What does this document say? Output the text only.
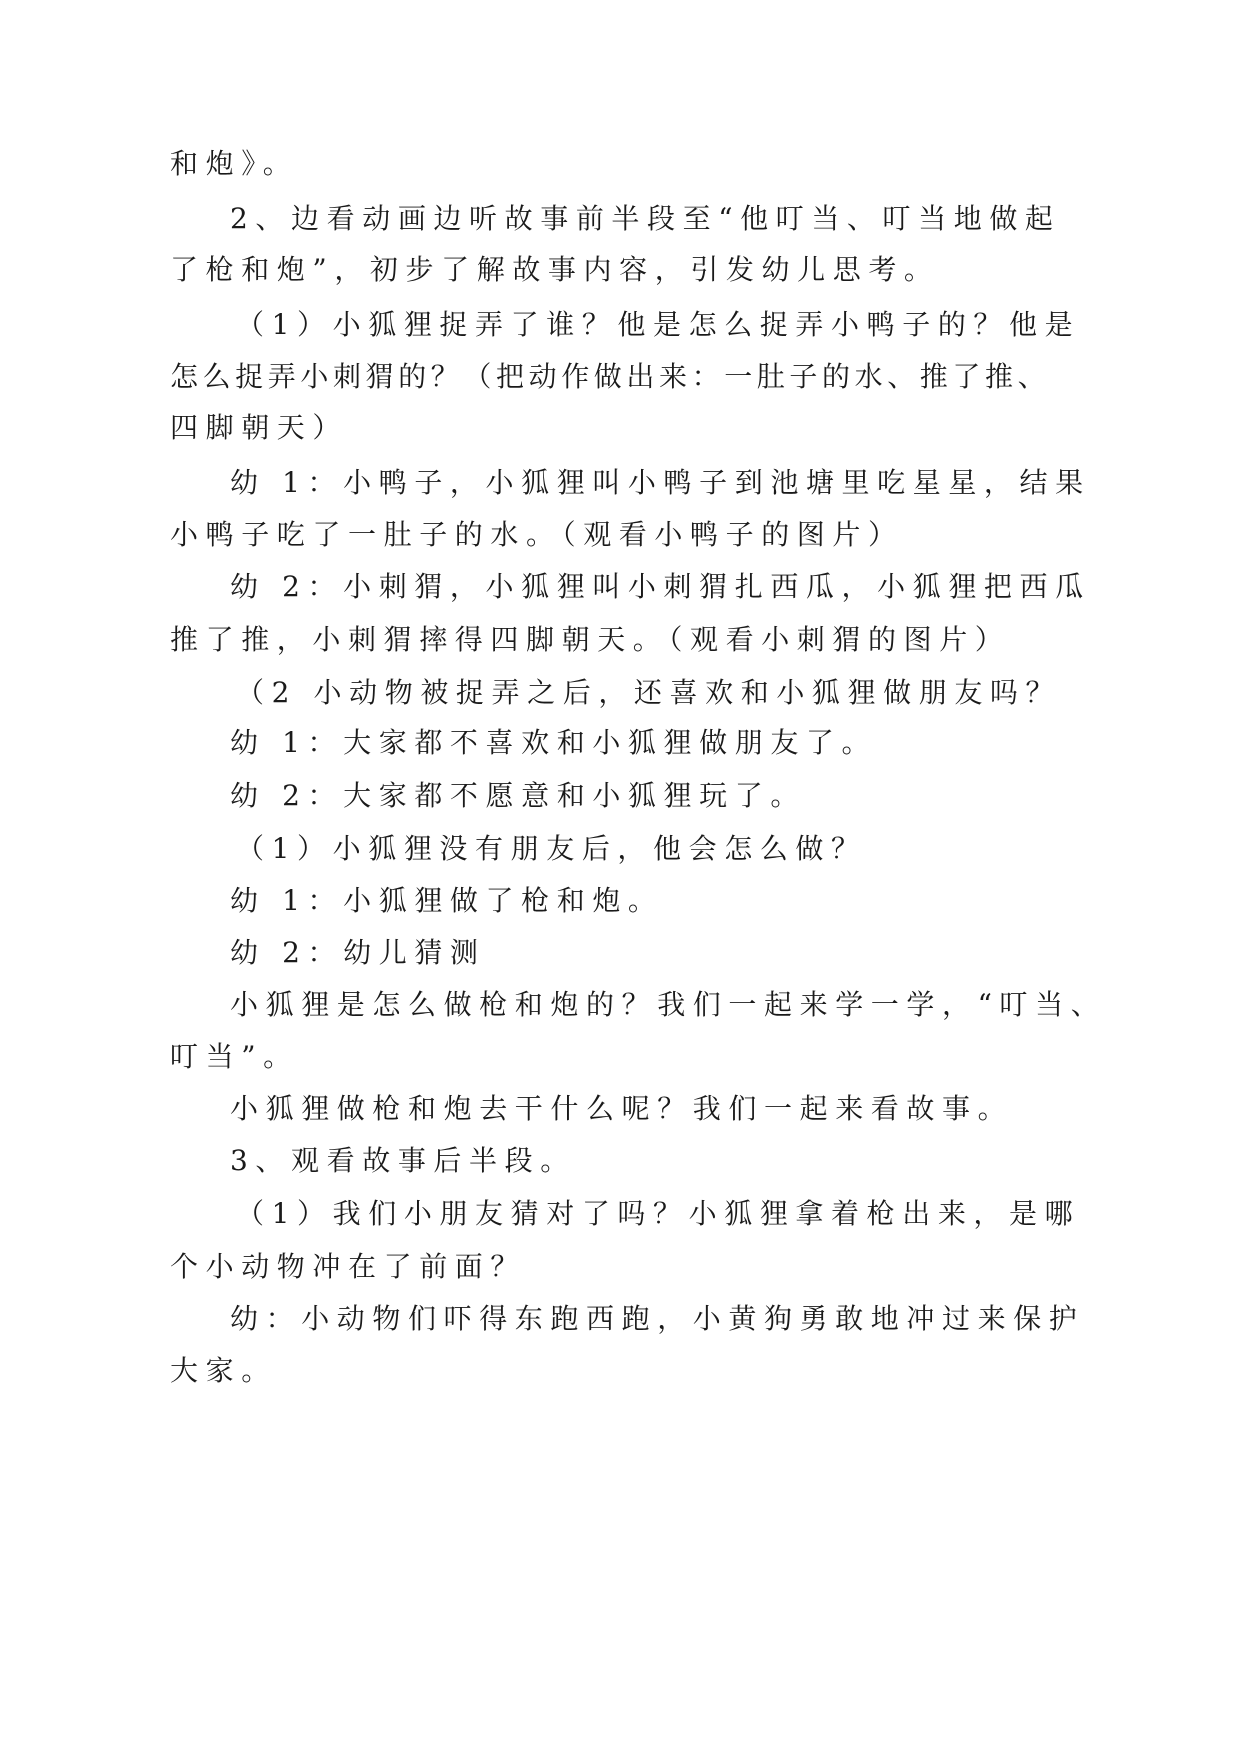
和炮》。
2、边看动画边听故事前半段至“他叮当、叮当地做起
了枪和炮”，初步了解故事内容，引发幼儿思考。
（1）小狐狸捉弄了谁？他是怎么捉弄小鸭子的？他是
怎么捉弄小刺猬的？（把动作做出来：一肚子的水、推了推、
四脚朝天）
幼 1：小鸭子，小狐狸叫小鸭子到池塘里吃星星，结果
小鸭子吃了一肚子的水。（观看小鸭子的图片）
幼 2：小刺猬，小狐狸叫小刺猬扎西瓜，小狐狸把西瓜
推了推，小刺猬摔得四脚朝天。（观看小刺猬的图片）
（2 小动物被捉弄之后，还喜欢和小狐狸做朋友吗？
幼 1：大家都不喜欢和小狐狸做朋友了。
幼 2：大家都不愿意和小狐狸玩了。
（1）小狐狸没有朋友后，他会怎么做？
幼 1：小狐狸做了枪和炮。
幼 2：幼儿猜测
小狐狸是怎么做枪和炮的？我们一起来学一学，“叮当、
叮当”。
小狐狸做枪和炮去干什么呢？我们一起来看故事。
3、观看故事后半段。
（1）我们小朋友猜对了吗？小狐狸拿着枪出来，是哪
个小动物冲在了前面？
幼：小动物们吓得东跑西跑，小黄狗勇敢地冲过来保护
大家。
